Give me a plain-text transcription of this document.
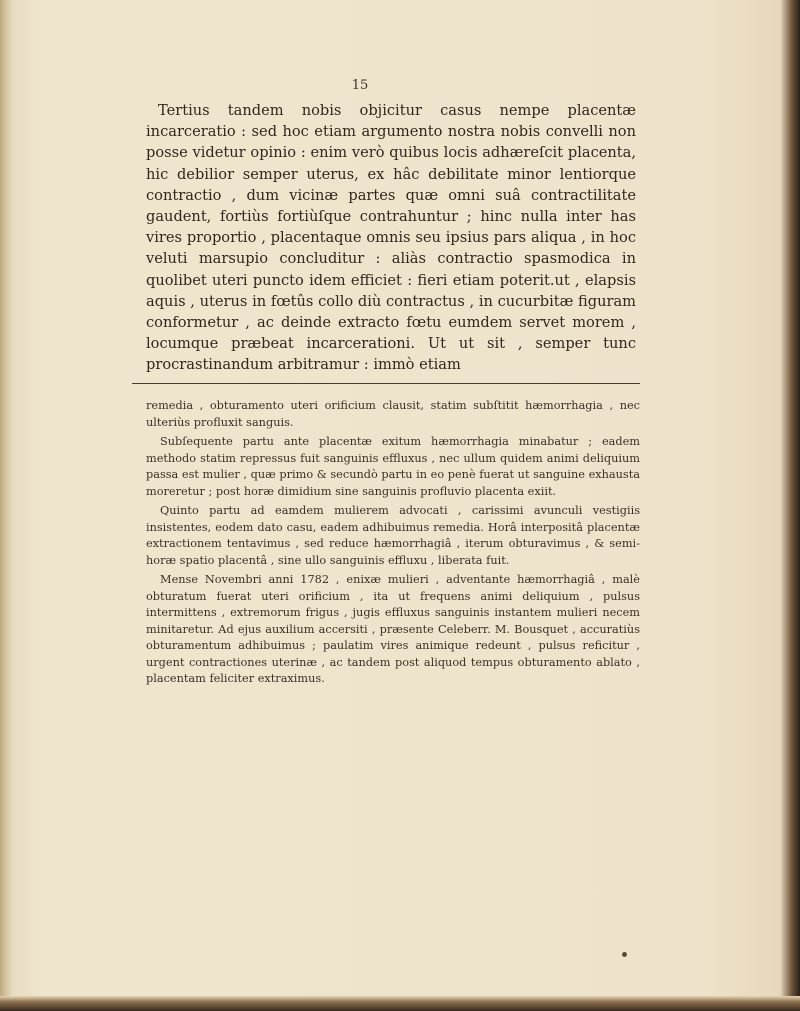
15

Tertius tandem nobis objicitur casus nempe placentæ incarceratio : sed hoc etiam argumento nostra nobis convelli non posse videtur opinio : enim verò quibus locis adhæreſcit placenta, hic debilior semper uterus, ex hâc debilitate minor lentiorque contractio , dum vicinæ partes quæ omni suâ contractilitate gaudent, fortiùs fortiùſque contrahuntur ; hinc nulla inter has vires proportio , placentaque omnis seu ipsius pars aliqua , in hoc veluti marsupio concluditur : aliàs contractio spasmodica in quolibet uteri puncto idem efficiet : fieri etiam poterit.ut , elapsis aquis , uterus in fœtûs collo diù contractus , in cucurbitæ figuram conformetur , ac deinde extracto fœtu eumdem servet morem , locumque præbeat incarcerationi. Ut ut sit , semper tunc procrastinandum arbitramur : immò etiam

remedia , obturamento uteri orificium clausit, statim subſtitit hæmorrhagia , nec ulteriùs profluxit sanguis.

Subſequente partu ante placentæ exitum hæmorrhagia minabatur ; eadem methodo statim repressus fuit sanguinis effluxus , nec ullum quidem animi deliquium passa est mulier , quæ primo & secundò partu in eo penè fuerat ut sanguine exhausta moreretur ; post horæ dimidium sine sanguinis profluvio placenta exiit.

Quinto partu ad eamdem mulierem advocati , carissimi avunculi vestigiis insistentes, eodem dato casu, eadem adhibuimus remedia. Horâ interpositâ placentæ extractionem tentavimus , sed reduce hæmorrhagiâ , iterum obturavimus , & semi-horæ spatio placentâ , sine ullo sanguinis effluxu , liberata fuit.

Mense Novembri anni 1782 , enixæ mulieri , adventante hæmorrhagiâ , malè obturatum fuerat uteri orificium , ita ut frequens animi deliquium , pulsus intermittens , extremorum frigus , jugis effluxus sanguinis instantem mulieri necem minitaretur. Ad ejus auxilium accersiti , præsente Celeberr. M. Bousquet , accuratiùs obturamentum adhibuimus ; paulatim vires animique redeunt , pulsus reficitur , urgent contractiones uterinæ , ac tandem post aliquod tempus obturamento ablato , placentam feliciter extraximus.
